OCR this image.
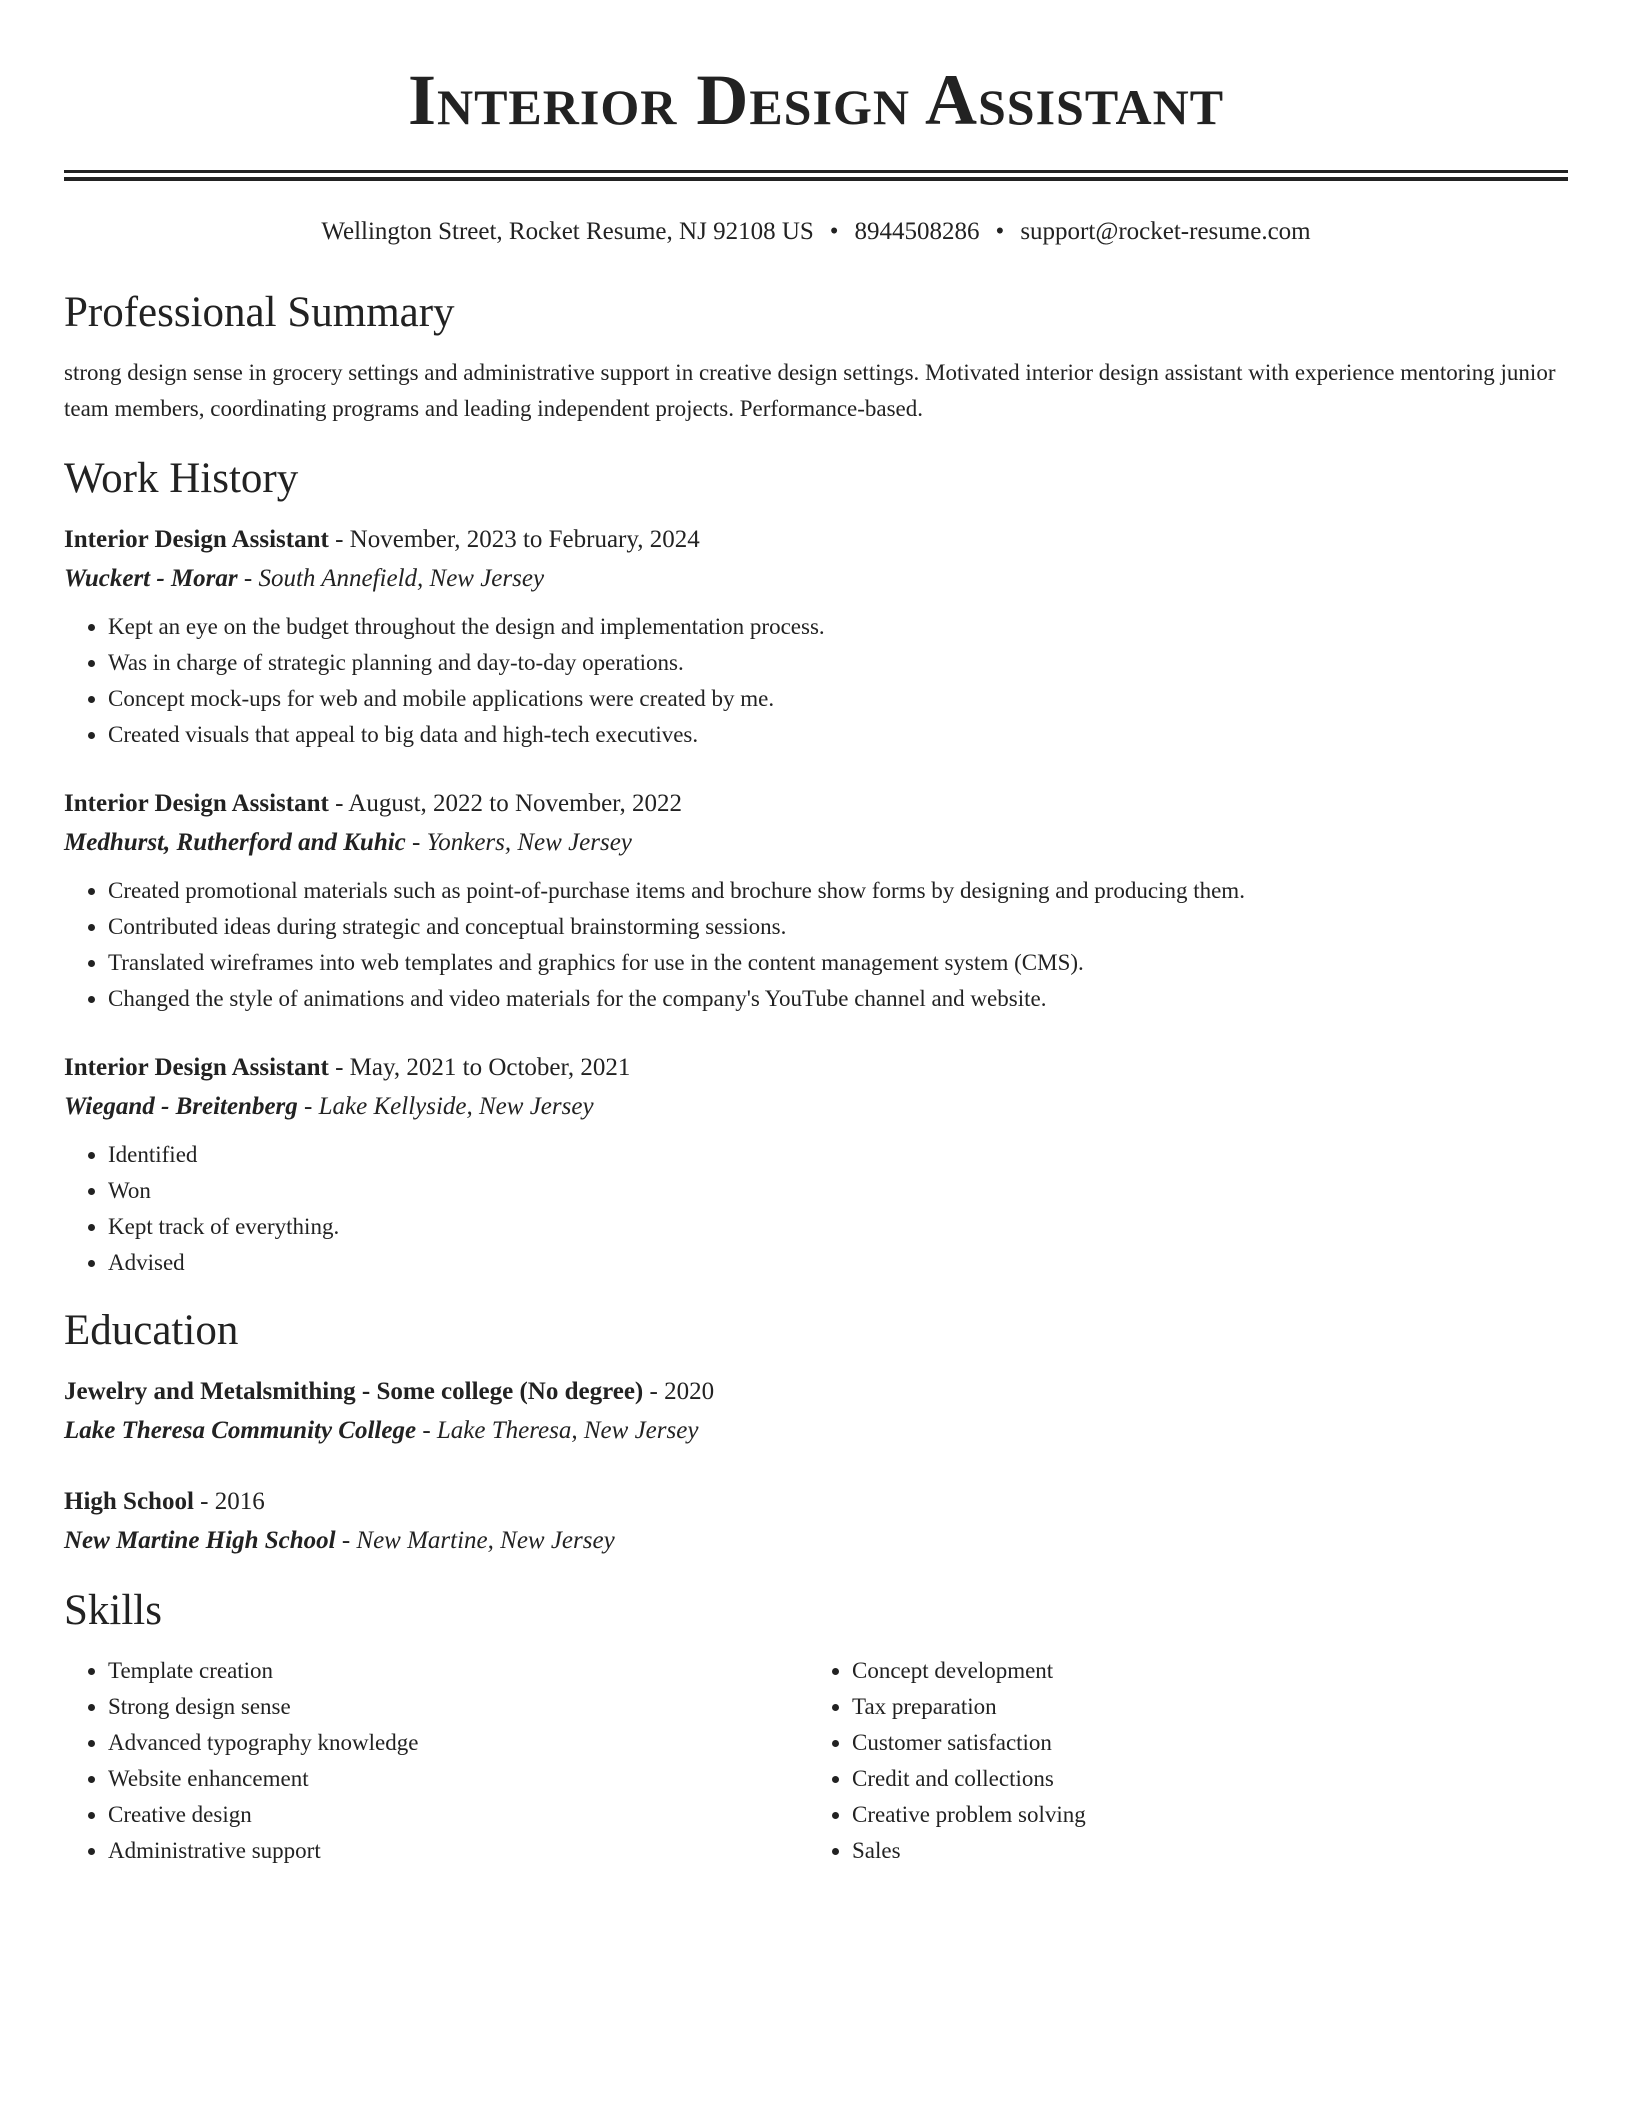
Interior Design Assistant
Wellington Street, Rocket Resume, NJ 92108 US • 8944508286 • support@rocket-resume.com
Professional Summary
strong design sense in grocery settings and administrative support in creative design settings. Motivated interior design assistant with experience mentoring junior team members, coordinating programs and leading independent projects. Performance-based.
Work History
Interior Design Assistant - November, 2023 to February, 2024
Wuckert - Morar - South Annefield, New Jersey
• Kept an eye on the budget throughout the design and implementation process.
• Was in charge of strategic planning and day-to-day operations.
• Concept mock-ups for web and mobile applications were created by me.
• Created visuals that appeal to big data and high-tech executives.
Interior Design Assistant - August, 2022 to November, 2022
Medhurst, Rutherford and Kuhic - Yonkers, New Jersey
• Created promotional materials such as point-of-purchase items and brochure show forms by designing and producing them.
• Contributed ideas during strategic and conceptual brainstorming sessions.
• Translated wireframes into web templates and graphics for use in the content management system (CMS).
• Changed the style of animations and video materials for the company's YouTube channel and website.
Interior Design Assistant - May, 2021 to October, 2021
Wiegand - Breitenberg - Lake Kellyside, New Jersey
• Identified
• Won
• Kept track of everything.
• Advised
Education
Jewelry and Metalsmithing - Some college (No degree) - 2020
Lake Theresa Community College - Lake Theresa, New Jersey
High School - 2016
New Martine High School - New Martine, New Jersey
Skills
• Template creation
• Strong design sense
• Advanced typography knowledge
• Website enhancement
• Creative design
• Administrative support
• Concept development
• Tax preparation
• Customer satisfaction
• Credit and collections
• Creative problem solving
• Sales
